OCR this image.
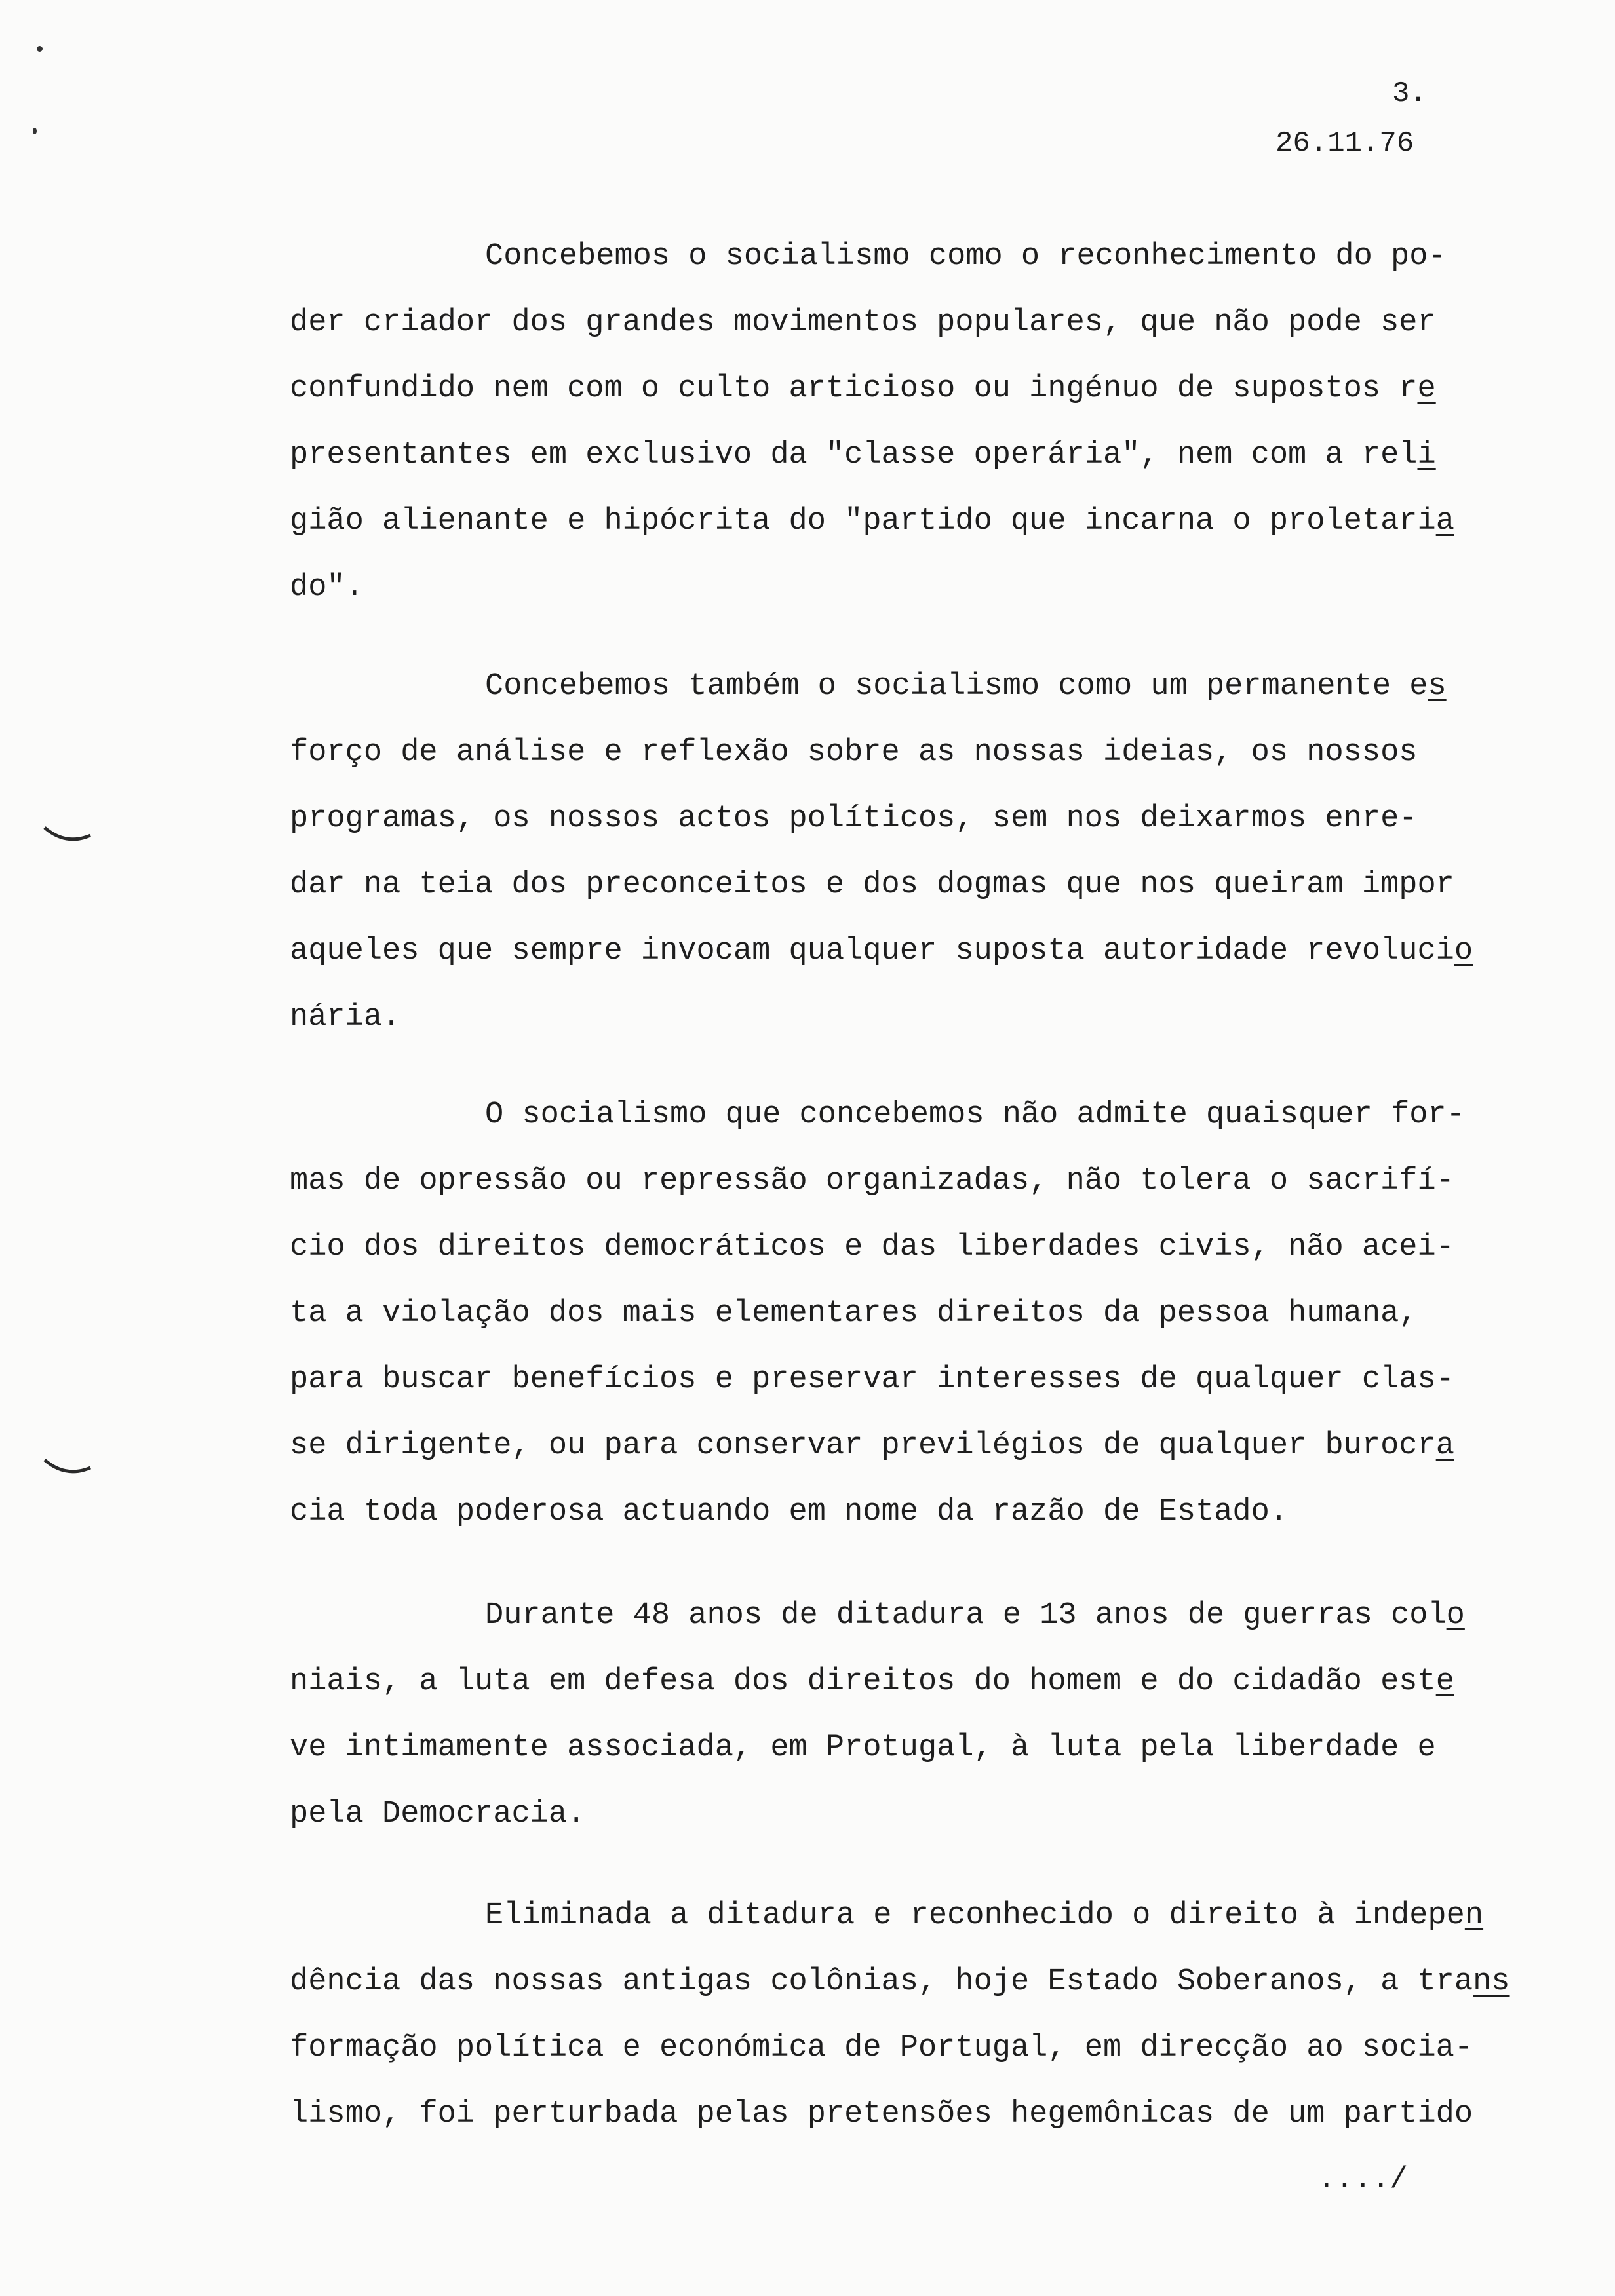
3.
26.11.76
Concebemos o socialismo como o reconhecimento do po-
der criador dos grandes movimentos populares, que não pode ser
confundido nem com o culto articioso ou ingénuo de supostos re
presentantes em exclusivo da "classe operária", nem com a reli
gião alienante e hipócrita do "partido que incarna o proletaria
do".
Concebemos também o socialismo como um permanente es
forço de análise e reflexão sobre as nossas ideias, os nossos
programas, os nossos actos políticos, sem nos deixarmos enre-
dar na teia dos preconceitos e dos dogmas que nos queiram impor
aqueles que sempre invocam qualquer suposta autoridade revolucio
nária.
O socialismo que concebemos não admite quaisquer for-
mas de opressão ou repressão organizadas, não tolera o sacrifí-
cio dos direitos democráticos e das liberdades civis, não acei-
ta a violação dos mais elementares direitos da pessoa humana,
para buscar benefícios e preservar interesses de qualquer clas-
se dirigente, ou para conservar previlégios de qualquer burocra
cia toda poderosa actuando em nome da razão de Estado.
Durante 48 anos de ditadura e 13 anos de guerras colo
niais, a luta em defesa dos direitos do homem e do cidadão este
ve intimamente associada, em Protugal, à luta pela liberdade e
pela Democracia.
Eliminada a ditadura e reconhecido o direito à indepen
dência das nossas antigas colônias, hoje Estado Soberanos, a trans
formação política e económica de Portugal, em direcção ao socia-
lismo, foi perturbada pelas pretensões hegemônicas de um partido
..../
